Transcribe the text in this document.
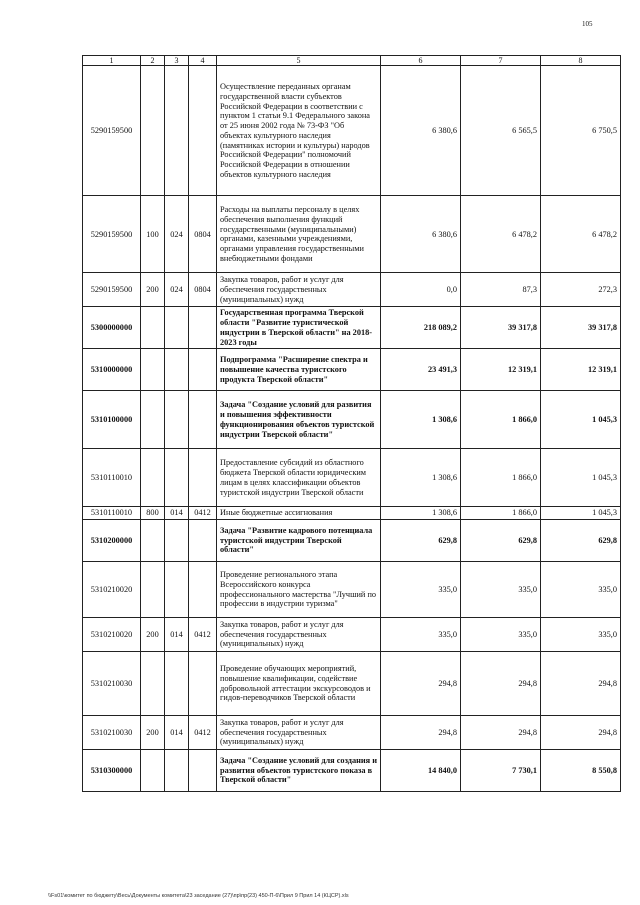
105
1	2	3	4	5	6	7	8
5290159500				Осуществление переданных органам государственной власти субъектов Российской Федерации в соответствии с пунктом 1 статьи 9.1 Федерального закона от 25 июня 2002 года № 73-ФЗ "Об объектах культурного наследия (памятниках истории и культуры) народов Российской Федерации" полномочий Российской Федерации в отношении объектов культурного наследия	6 380,6	6 565,5	6 750,5
5290159500	100	024	0804	Расходы на выплаты персоналу в целях обеспечения выполнения функций государственными (муниципальными) органами, казенными учреждениями, органами управления государственными внебюджетными фондами	6 380,6	6 478,2	6 478,2
5290159500	200	024	0804	Закупка товаров, работ и услуг для обеспечения государственных (муниципальных) нужд	0,0	87,3	272,3
5300000000				Государственная программа Тверской области "Развитие туристической индустрии в Тверской области" на 2018-2023 годы	218 089,2	39 317,8	39 317,8
5310000000				Подпрограмма "Расширение спектра и повышение качества туристского продукта Тверской области"	23 491,3	12 319,1	12 319,1
5310100000				Задача "Создание условий для развития и повышения эффективности функционирования объектов туристской индустрии Тверской области"	1 308,6	1 866,0	1 045,3
5310110010				Предоставление субсидий из областного бюджета Тверской области юридическим лицам в целях классификации объектов туристской индустрии Тверской области	1 308,6	1 866,0	1 045,3
5310110010	800	014	0412	Иные бюджетные ассигнования	1 308,6	1 866,0	1 045,3
5310200000				Задача "Развитие кадрового потенциала туристской индустрии Тверской области"	629,8	629,8	629,8
5310210020				Проведение регионального этапа Всероссийского конкурса профессионального мастерства "Лучший по профессии в индустрии туризма"	335,0	335,0	335,0
5310210020	200	014	0412	Закупка товаров, работ и услуг для обеспечения государственных (муниципальных) нужд	335,0	335,0	335,0
5310210030				Проведение обучающих мероприятий, повышение квалификации, содействие добровольной аттестации экскурсоводов и гидов-переводчиков Тверской области	294,8	294,8	294,8
5310210030	200	014	0412	Закупка товаров, работ и услуг для обеспечения государственных (муниципальных) нужд	294,8	294,8	294,8
5310300000				Задача "Создание условий для создания и развития объектов туристского показа в Тверской области"	14 840,0	7 730,1	8 550,8
\\Fs01\комитет по бюджету\Весь\Документы комитета\23 заседание (27)\пр\пр(23) 450-П-6\Прил 9 Прил 14 (КЦСР).xls
